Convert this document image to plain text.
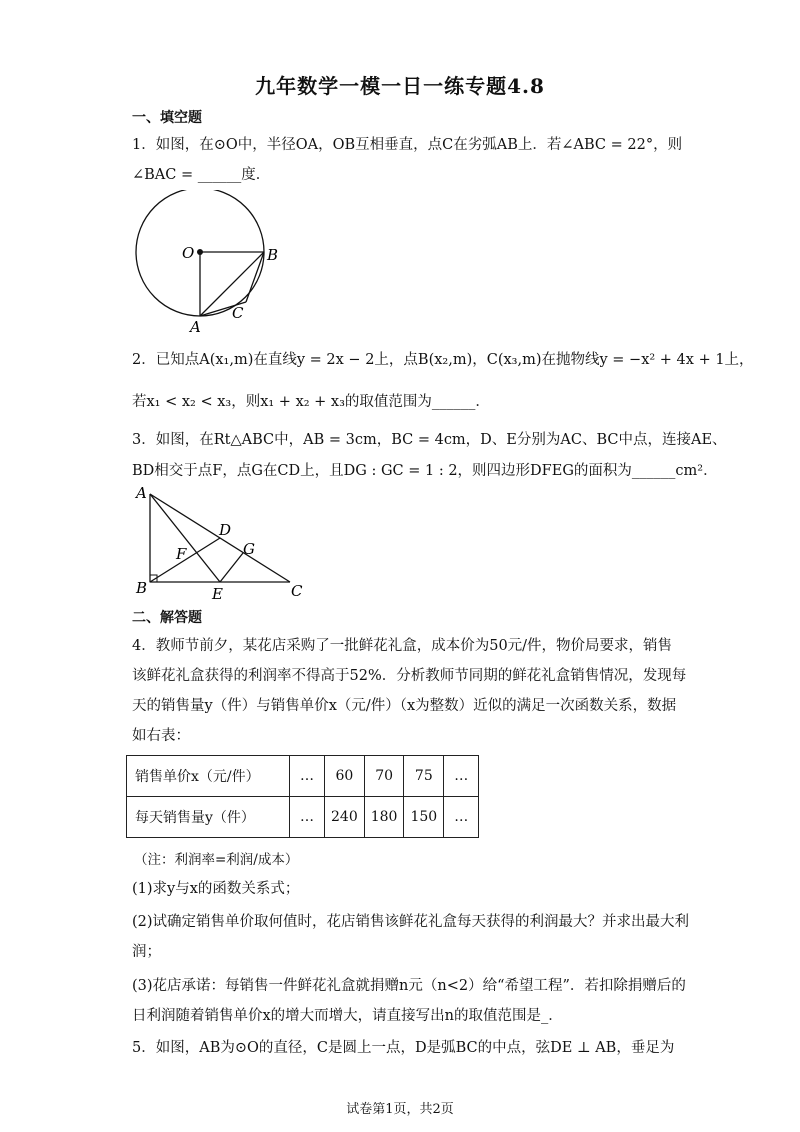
九年数学一模一日一练专题4.8
一、填空题
1．如图，在⊙O中，半径OA，OB互相垂直，点C在劣弧AB上．若∠ABC = 22°，则
∠BAC = ______度．
O	B
A
C
2．已知点A(x₁,m)在直线y = 2x − 2上，点B(x₂,m)，C(x₃,m)在抛物线y = −x² + 4x + 1上，
若x₁ < x₂ < x₃，则x₁ + x₂ + x₃的取值范围为______．
3．如图，在Rt△ABC中，AB = 3cm，BC = 4cm，D、E分别为AC、BC中点，连接AE、
BD相交于点F，点G在CD上，且DG : GC = 1 : 2，则四边形DFEG的面积为______cm²．
A
B	C
D
E
F	G
二、解答题
4．教师节前夕，某花店采购了一批鲜花礼盒，成本价为50元/件，物价局要求，销售
该鲜花礼盒获得的利润率不得高于52%．分析教师节同期的鲜花礼盒销售情况，发现每
天的销售量y（件）与销售单价x（元/件）（x为整数）近似的满足一次函数关系，数据
如右表：
销售单价x（元/件）	…	60	70	75	…
每天销售量y（件）	…	240	180	150	…
（注：利润率=利润/成本）
(1)求y与x的函数关系式；
(2)试确定销售单价取何值时，花店销售该鲜花礼盒每天获得的利润最大？并求出最大利
润；
(3)花店承诺：每销售一件鲜花礼盒就捐赠n元（n<2）给“希望工程”．若扣除捐赠后的
日利润随着销售单价x的增大而增大，请直接写出n的取值范围是_．
5．如图，AB为⊙O的直径，C是圆上一点，D是弧BC的中点，弦DE ⊥ AB，垂足为
试卷第1页，共2页
